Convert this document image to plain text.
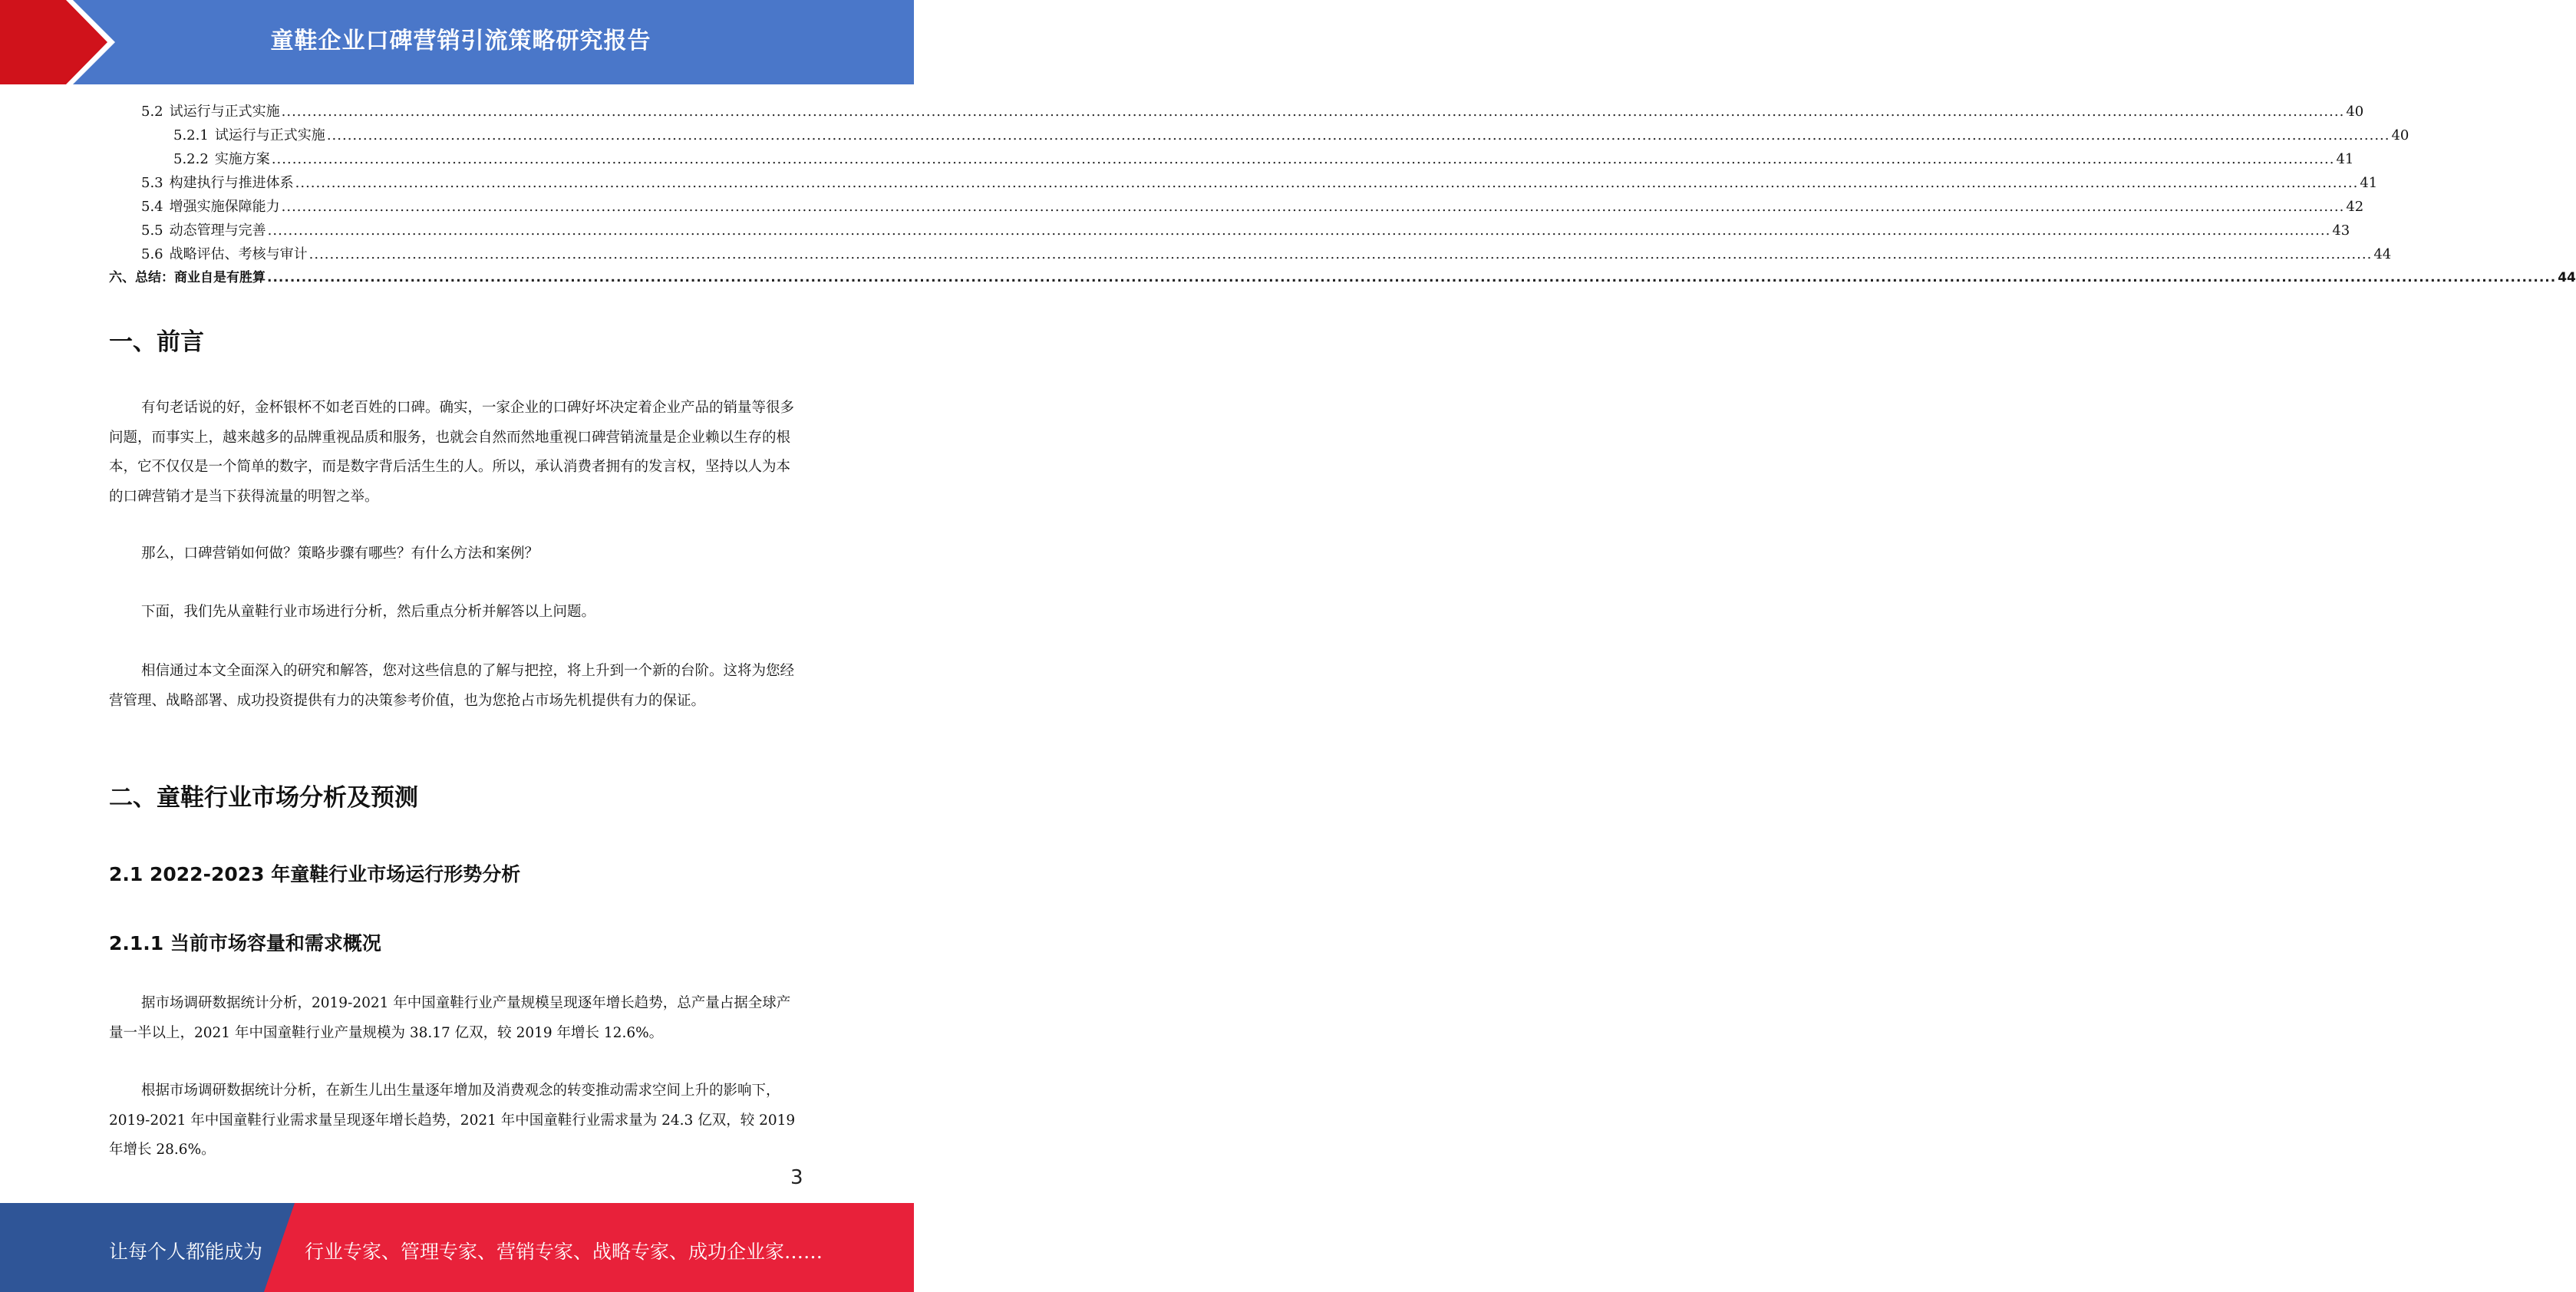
童鞋企业口碑营销引流策略研究报告
5.2 试运行与正式实施 ................................................................................................................................................................................................................................................................................................................................................................................................................ 40
5.2.1 试运行与正式实施 ................................................................................................................................................................................................................................................................................................................................................................................................................ 40
5.2.2 实施方案 ................................................................................................................................................................................................................................................................................................................................................................................................................ 41
5.3 构建执行与推进体系 ................................................................................................................................................................................................................................................................................................................................................................................................................ 41
5.4 增强实施保障能力 ................................................................................................................................................................................................................................................................................................................................................................................................................ 42
5.5 动态管理与完善 ................................................................................................................................................................................................................................................................................................................................................................................................................ 43
5.6 战略评估、考核与审计 ................................................................................................................................................................................................................................................................................................................................................................................................................ 44
六、总结：商业自是有胜算 ................................................................................................................................................................................................................................................................................................................................................................................................................ 44
一、前言

有句老话说的好，金杯银杯不如老百姓的口碑。确实，一家企业的口碑好坏决定着企业产品的销量等很多问题，而事实上，越来越多的品牌重视品质和服务，也就会自然而然地重视口碑营销流量是企业赖以生存的根本，它不仅仅是一个简单的数字，而是数字背后活生生的人。所以，承认消费者拥有的发言权，坚持以人为本的口碑营销才是当下获得流量的明智之举。

那么，口碑营销如何做？策略步骤有哪些？有什么方法和案例？

下面，我们先从童鞋行业市场进行分析，然后重点分析并解答以上问题。

相信通过本文全面深入的研究和解答，您对这些信息的了解与把控，将上升到一个新的台阶。这将为您经营管理、战略部署、成功投资提供有力的决策参考价值，也为您抢占市场先机提供有力的保证。

二、童鞋行业市场分析及预测
2.1 2022-2023 年童鞋行业市场运行形势分析
2.1.1 当前市场容量和需求概况

据市场调研数据统计分析，2019-2021 年中国童鞋行业产量规模呈现逐年增长趋势，总产量占据全球产量一半以上，2021 年中国童鞋行业产量规模为 38.17 亿双，较 2019 年增长 12.6%。

根据市场调研数据统计分析，在新生儿出生量逐年增加及消费观念的转变推动需求空间上升的影响下，2019-2021 年中国童鞋行业需求量呈现逐年增长趋势，2021 年中国童鞋行业需求量为 24.3 亿双，较 2019 年增长 28.6%。

3
让每个人都能成为 行业专家、管理专家、营销专家、战略专家、成功企业家……
